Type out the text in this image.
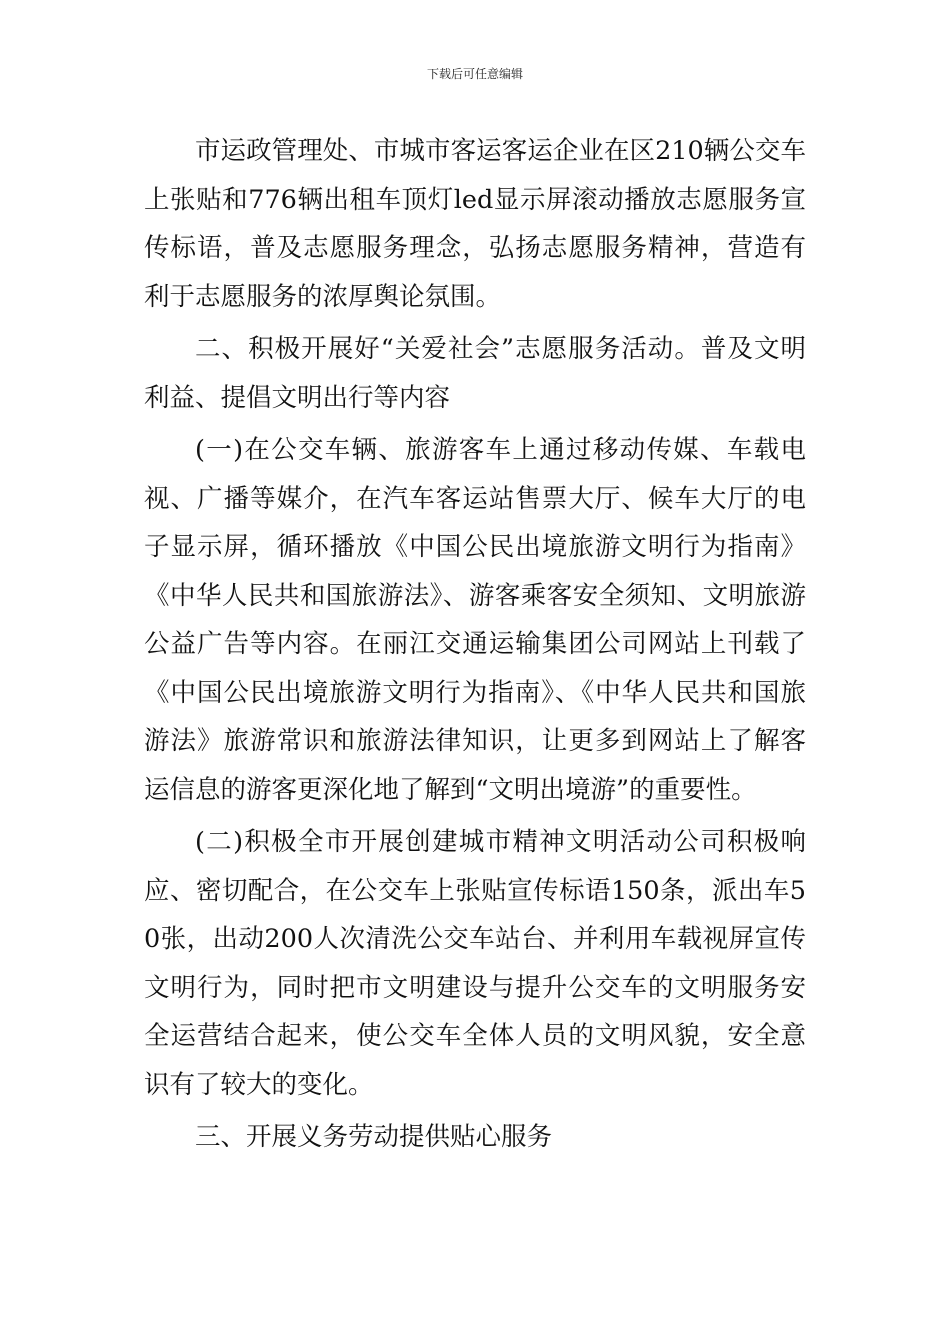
下载后可任意编辑

市运政管理处、市城市客运客运企业在区210辆公交车上张贴和776辆出租车顶灯led显示屏滚动播放志愿服务宣传标语，普及志愿服务理念，弘扬志愿服务精神，营造有利于志愿服务的浓厚舆论氛围。

二、积极开展好“关爱社会”志愿服务活动。普及文明利益、提倡文明出行等内容

(一)在公交车辆、旅游客车上通过移动传媒、车载电视、广播等媒介，在汽车客运站售票大厅、候车大厅的电子显示屏，循环播放《中国公民出境旅游文明行为指南》《中华人民共和国旅游法》、游客乘客安全须知、文明旅游公益广告等内容。在丽江交通运输集团公司网站上刊载了《中国公民出境旅游文明行为指南》、《中华人民共和国旅游法》旅游常识和旅游法律知识，让更多到网站上了解客运信息的游客更深化地了解到“文明出境游”的重要性。

(二)积极全市开展创建城市精神文明活动公司积极响应、密切配合，在公交车上张贴宣传标语150条，派出车50张，出动200人次清洗公交车站台、并利用车载视屏宣传文明行为，同时把市文明建设与提升公交车的文明服务安全运营结合起来，使公交车全体人员的文明风貌，安全意识有了较大的变化。

三、开展义务劳动提供贴心服务
